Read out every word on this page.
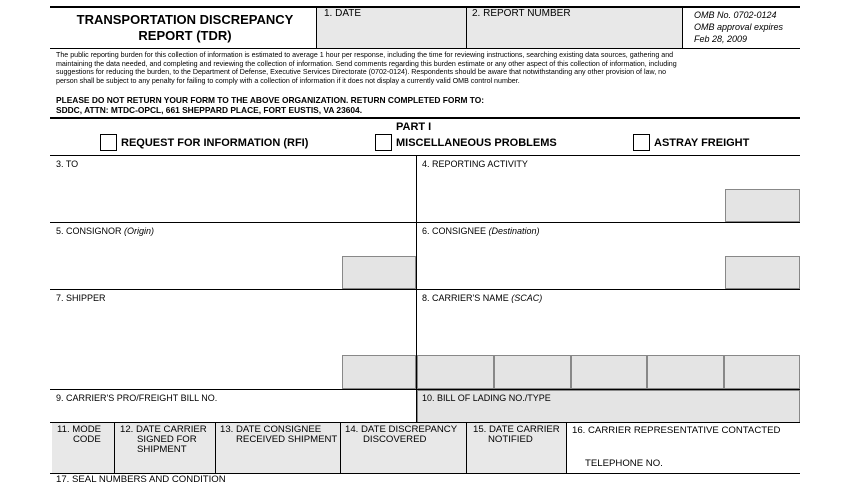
TRANSPORTATION DISCREPANCY
REPORT (TDR)
1. DATE	2. REPORT NUMBER	OMB No. 0702-0124
OMB approval expires
Feb 28, 2009
The public reporting burden for this collection of information is estimated to average 1 hour per response, including the time for reviewing instructions, searching existing data sources, gathering and
maintaining the data needed, and completing and reviewing the collection of information. Send comments regarding this burden estimate or any other aspect of this collection of information, including
suggestions for reducing the burden, to the Department of Defense, Executive Services Directorate (0702-0124). Respondents should be aware that notwithstanding any other provision of law, no
person shall be subject to any penalty for failing to comply with a collection of information if it does not display a currently valid OMB control number.
PLEASE DO NOT RETURN YOUR FORM TO THE ABOVE ORGANIZATION. RETURN COMPLETED FORM TO:
SDDC, ATTN: MTDC-OPCL, 661 SHEPPARD PLACE, FORT EUSTIS, VA 23604.
PART I
REQUEST FOR INFORMATION (RFI)	MISCELLANEOUS PROBLEMS	ASTRAY FREIGHT
3. TO	4. REPORTING ACTIVITY
5. CONSIGNOR (Origin)	6. CONSIGNEE (Destination)
7. SHIPPER	8. CARRIER'S NAME (SCAC)
9. CARRIER'S PRO/FREIGHT BILL NO.	10. BILL OF LADING NO./TYPE
11. MODE
CODE
12. DATE CARRIER
SIGNED FOR
SHIPMENT
13. DATE CONSIGNEE
RECEIVED SHIPMENT
14. DATE DISCREPANCY
DISCOVERED
15. DATE CARRIER
NOTIFIED
16. CARRIER REPRESENTATIVE CONTACTED
TELEPHONE NO.
17. SEAL NUMBERS AND CONDITION
